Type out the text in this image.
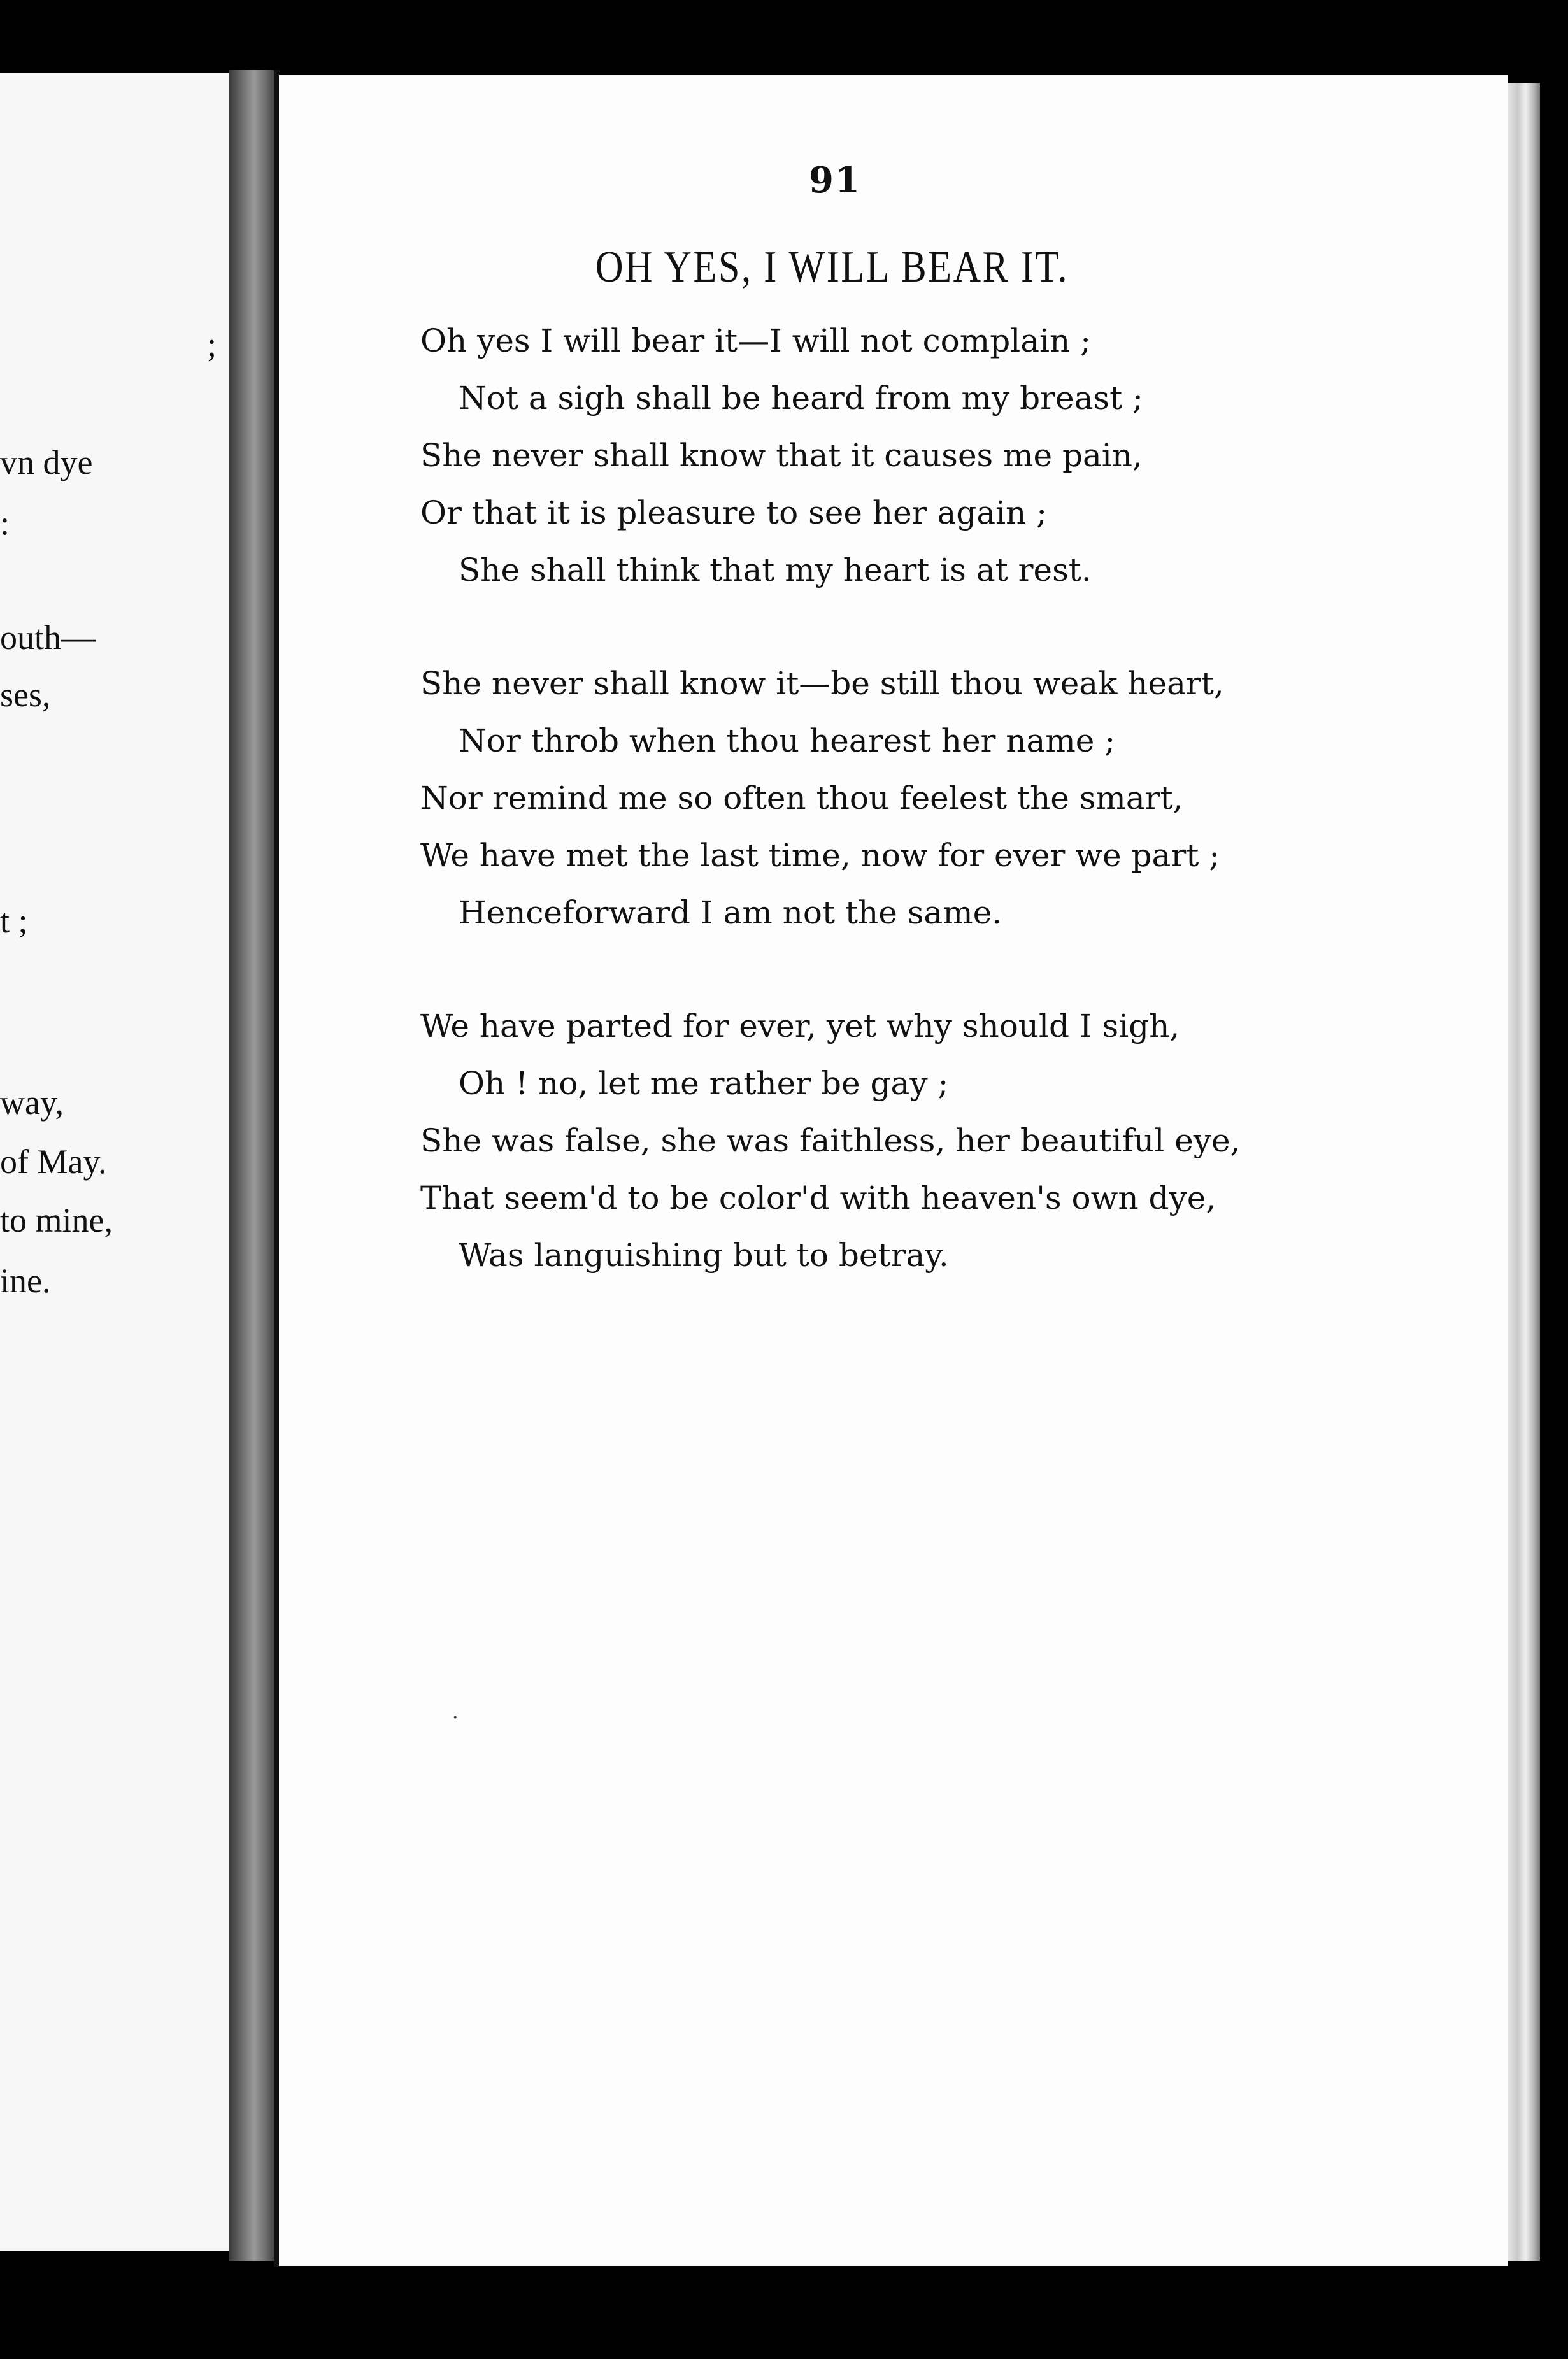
;
vn dye
:
outh—
ses,
t ;
way,
of May.
to mine,
ine.
91
OH YES, I WILL BEAR IT.
Oh yes I will bear it—I will not complain ;
Not a sigh shall be heard from my breast ;
She never shall know that it causes me pain,
Or that it is pleasure to see her again ;
She shall think that my heart is at rest.
She never shall know it—be still thou weak heart,
Nor throb when thou hearest her name ;
Nor remind me so often thou feelest the smart,
We have met the last time, now for ever we part ;
Henceforward I am not the same.
We have parted for ever, yet why should I sigh,
Oh ! no, let me rather be gay ;
She was false, she was faithless, her beautiful eye,
That seem'd to be color'd with heaven's own dye,
Was languishing but to betray.
·
